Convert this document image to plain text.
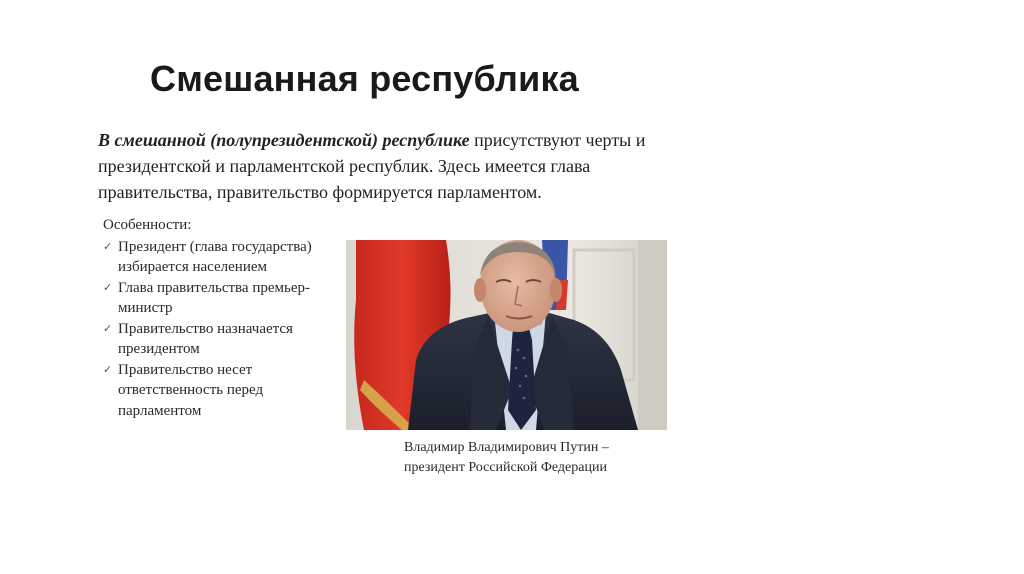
Смешанная республика
В смешанной (полупрезидентской) республике присутствуют черты и президентской и парламентской республик. Здесь имеется глава правительства, правительство формируется парламентом.
Особенности:
✓ Президент (глава государства) избирается населением
✓ Глава правительства премьер-министр
✓ Правительство назначается президентом
✓ Правительство несет ответственность перед парламентом
Владимир Владимирович Путин –
президент Российской Федерации
